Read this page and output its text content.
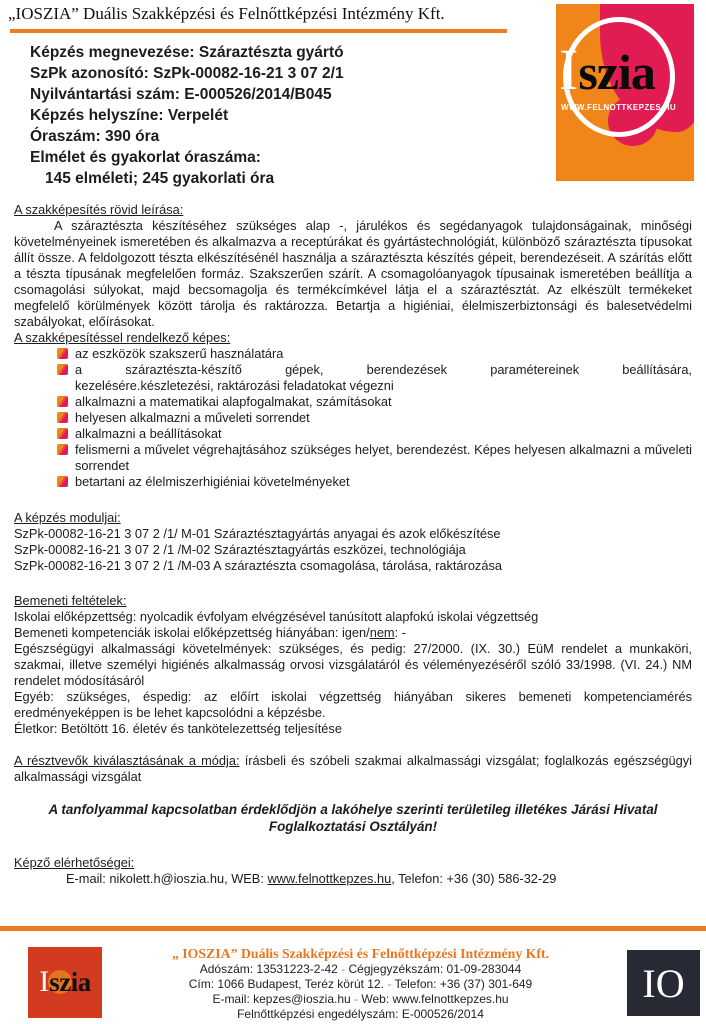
„IOSZIA” Duális Szakképzési és Felnőttképzési Intézmény Kft.
Iszia
WWW.FELNOTTKEPZES.HU
Képzés megnevezése: Száraztészta gyártó
SzPk azonosító: SzPk-00082-16-21 3 07 2/1
Nyilvántartási szám: E-000526/2014/B045
Képzés helyszíne: Verpelét
Óraszám: 390 óra
Elmélet és gyakorlat óraszáma:
145 elméleti; 245 gyakorlati óra
A szakképesítés rövid leírása:
A száraztészta készítéséhez szükséges alap -, járulékos és segédanyagok tulajdonságainak, minőségi követelményeinek ismeretében és alkalmazva a receptúrákat és gyártástechnológiát, különböző száraztészta típusokat állít össze. A feldolgozott tészta elkészítésénél használja a száraztészta készítés gépeit, berendezéseit. A szárítás előtt a tészta típusának megfelelően formáz. Szakszerűen szárít. A csomagolóanyagok típusainak ismeretében beállítja a csomagolási súlyokat, majd becsomagolja és termékcímkével látja el a száraztésztát. Az elkészült termékeket megfelelő körülmények között tárolja és raktározza. Betartja a higiéniai, élelmiszerbiztonsági és balesetvédelmi szabályokat, előírásokat.
A szakképesítéssel rendelkező képes:
az eszközök szakszerű használatára
a száraztészta-készítő gépek, berendezések paramétereinek beállítására,
kezelésére.készletezési, raktározási feladatokat végezni
alkalmazni a matematikai alapfogalmakat, számításokat
helyesen alkalmazni a műveleti sorrendet
alkalmazni a beállításokat
felismerni a művelet végrehajtásához szükséges helyet, berendezést. Képes helyesen alkalmazni a műveleti sorrendet
betartani az élelmiszerhigiéniai követelményeket
A képzés moduljai:
SzPk-00082-16-21 3 07 2 /1/ M-01 Száraztésztagyártás anyagai és azok előkészítése
SzPk-00082-16-21 3 07 2 /1 /M-02 Száraztésztagyártás eszközei, technológiája
SzPk-00082-16-21 3 07 2 /1 /M-03 A száraztészta csomagolása, tárolása, raktározása
Bemeneti feltételek:
Iskolai előképzettség: nyolcadik évfolyam elvégzésével tanúsított alapfokú iskolai végzettség
Bemeneti kompetenciák iskolai előképzettség hiányában: igen/nem: -
Egészségügyi alkalmassági követelmények: szükséges, és pedig: 27/2000. (IX. 30.) EüM rendelet a munkaköri, szakmai, illetve személyi higiénés alkalmasság orvosi vizsgálatáról és véleményezéséről szóló 33/1998. (VI. 24.) NM rendelet módosításáról
Egyéb: szükséges, éspedig: az előírt iskolai végzettség hiányában sikeres bemeneti kompetenciamérés eredményeképpen is be lehet kapcsolódni a képzésbe.
Életkor: Betöltött 16. életév és tankötelezettség teljesítése
A résztvevők kiválasztásának a módja: írásbeli és szóbeli szakmai alkalmassági vizsgálat; foglalkozás egészségügyi alkalmassági vizsgálat
A tanfolyammal kapcsolatban érdeklődjön a lakóhelye szerinti területileg illetékes Járási Hivatal Foglalkoztatási Osztályán!
Képző elérhetőségei:
E-mail: nikolett.h@ioszia.hu, WEB: www.felnottkepzes.hu, Telefon: +36 (30) 586-32-29
Iszia
„ IOSZIA” Duális Szakképzési és Felnőttképzési Intézmény Kft.
Adószám: 13531223-2-42 - Cégjegyzékszám: 01-09-283044
Cím: 1066 Budapest, Teréz körút 12. - Telefon: +36 (37) 301-649
E-mail: kepzes@ioszia.hu - Web: www.felnottkepzes.hu
Felnőttképzési engedélyszám: E-000526/2014
IO
